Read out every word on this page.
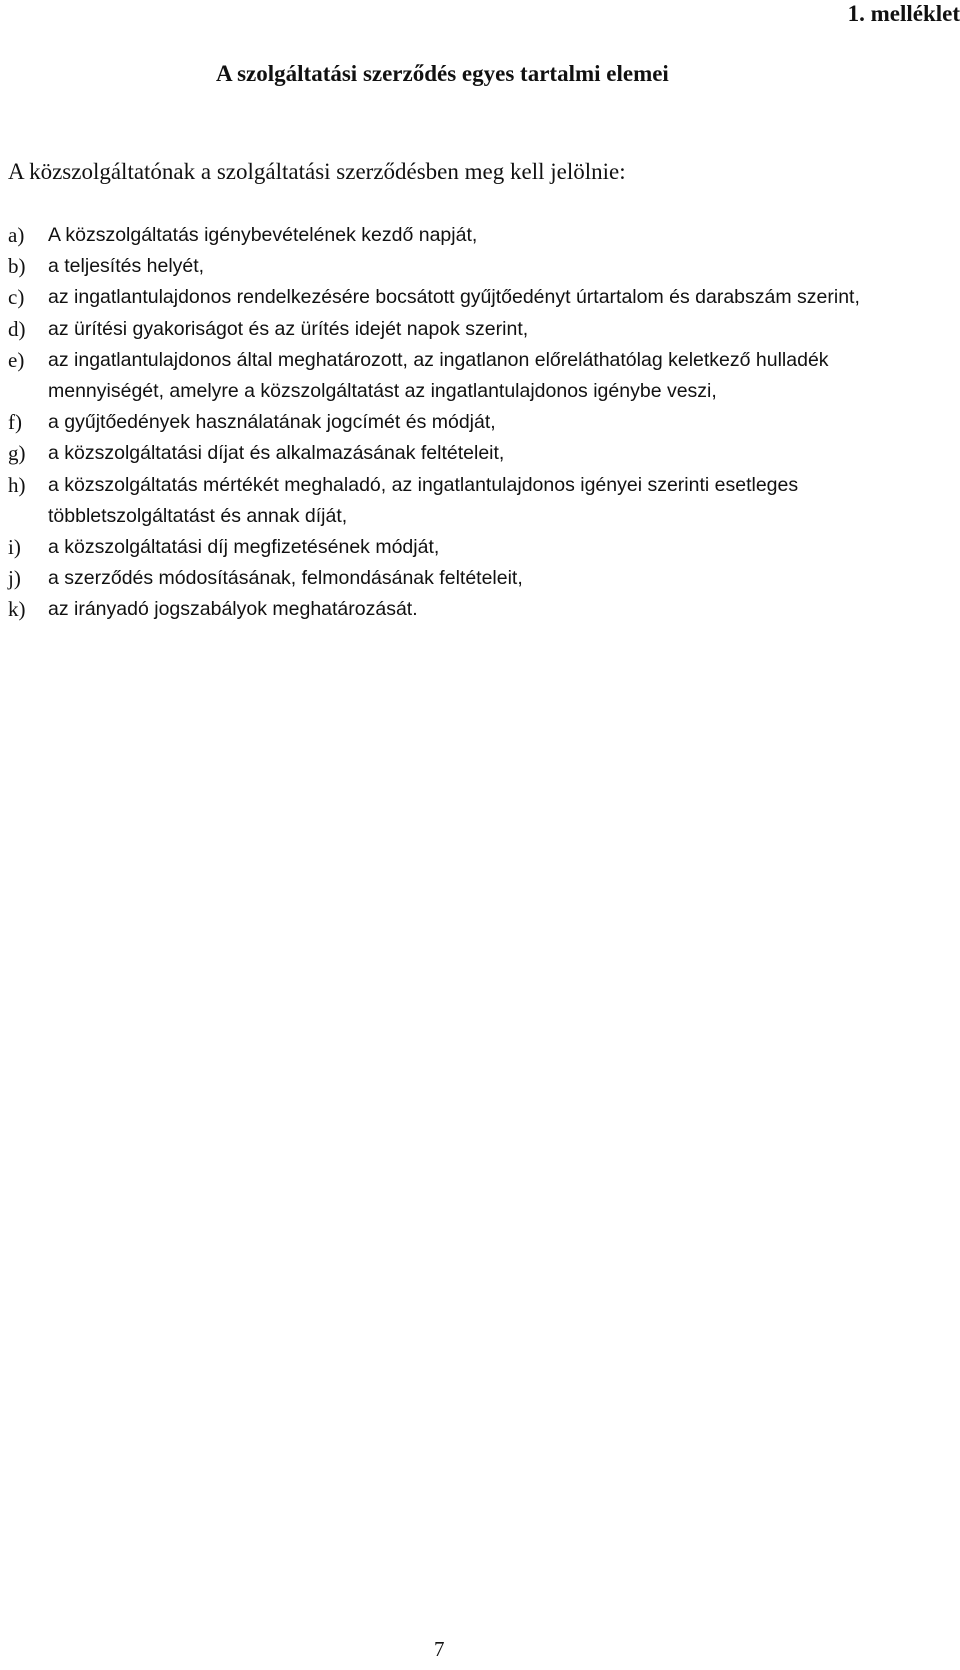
1. melléklet
A szolgáltatási szerződés egyes tartalmi elemei
A közszolgáltatónak a szolgáltatási szerződésben meg kell jelölnie:
a)	A közszolgáltatás igénybevételének kezdő napját,
b)	a teljesítés helyét,
c)	az ingatlantulajdonos rendelkezésére bocsátott gyűjtőedényt úrtartalom és darabszám szerint,
d)	az ürítési gyakoriságot és az ürítés idejét napok szerint,
e)	az ingatlantulajdonos által meghatározott, az ingatlanon előreláthatólag keletkező hulladék mennyiségét, amelyre a közszolgáltatást az ingatlantulajdonos igénybe veszi,
f)	a gyűjtőedények használatának jogcímét és módját,
g)	a közszolgáltatási díjat és alkalmazásának feltételeit,
h)	a közszolgáltatás mértékét meghaladó, az ingatlantulajdonos igényei szerinti esetleges többletszolgáltatást és annak díját,
i)	a közszolgáltatási díj megfizetésének módját,
j)	a szerződés módosításának, felmondásának feltételeit,
k)	az irányadó jogszabályok meghatározását.
7
